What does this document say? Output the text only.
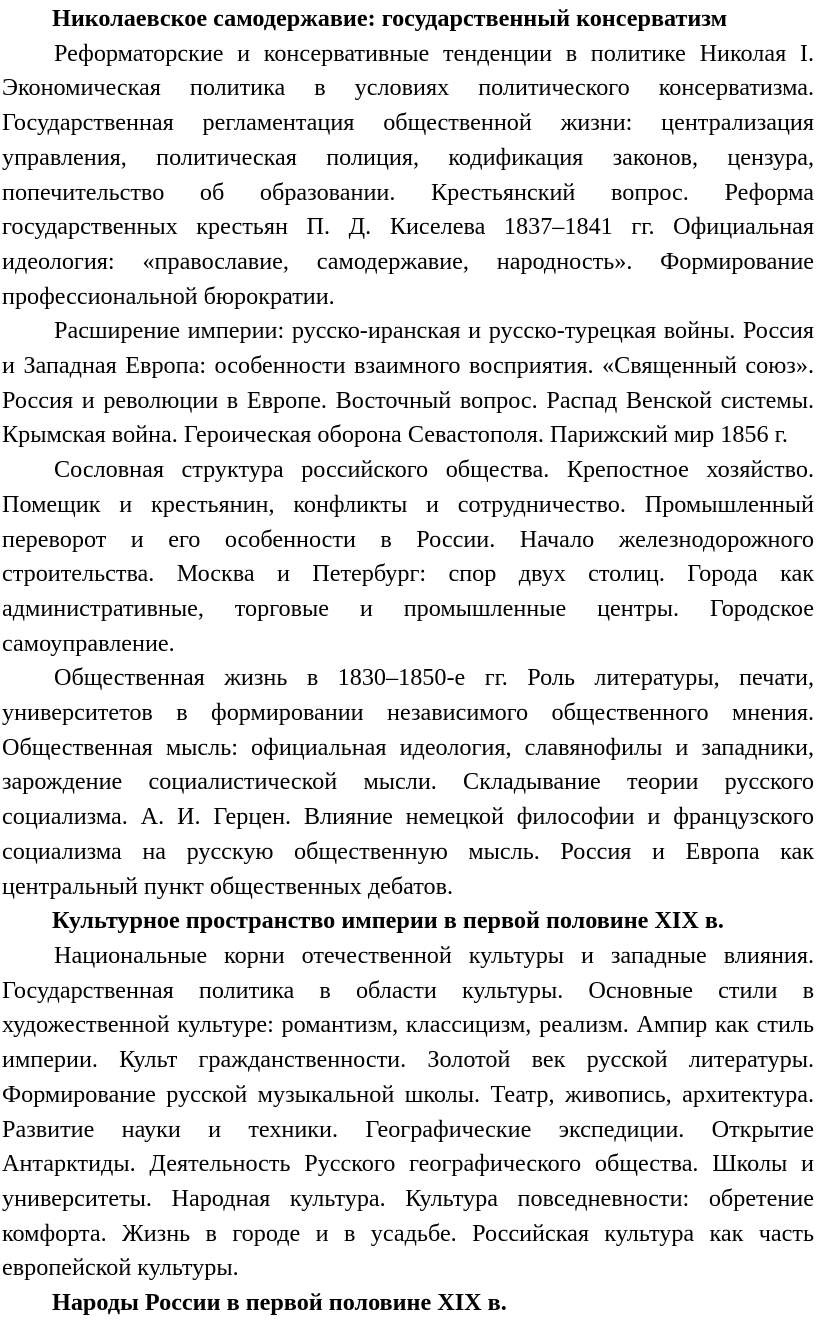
Николаевское самодержавие: государственный консерватизм

Реформаторские и консервативные тенденции в политике Николая I. Экономическая политика в условиях политического консерватизма. Государственная регламентация общественной жизни: централизация управления, политическая полиция, кодификация законов, цензура, попечительство об образовании. Крестьянский вопрос. Реформа государственных крестьян П. Д. Киселева 1837–1841 гг. Официальная идеология: «православие, самодержавие, народность». Формирование профессиональной бюрократии.

Расширение империи: русско-иранская и русско-турецкая войны. Россия и Западная Европа: особенности взаимного восприятия. «Священный союз». Россия и революции в Европе. Восточный вопрос. Распад Венской системы. Крымская война. Героическая оборона Севастополя. Парижский мир 1856 г.

Сословная структура российского общества. Крепостное хозяйство. Помещик и крестьянин, конфликты и сотрудничество. Промышленный переворот и его особенности в России. Начало железнодорожного строительства. Москва и Петербург: спор двух столиц. Города как административные, торговые и промышленные центры. Городское самоуправление.

Общественная жизнь в 1830–1850-е гг. Роль литературы, печати, университетов в формировании независимого общественного мнения. Общественная мысль: официальная идеология, славянофилы и западники, зарождение социалистической мысли. Складывание теории русского социализма. А. И. Герцен. Влияние немецкой философии и французского социализма на русскую общественную мысль. Россия и Европа как центральный пункт общественных дебатов.

Культурное пространство империи в первой половине XIX в.

Национальные корни отечественной культуры и западные влияния. Государственная политика в области культуры. Основные стили в художественной культуре: романтизм, классицизм, реализм. Ампир как стиль империи. Культ гражданственности. Золотой век русской литературы. Формирование русской музыкальной школы. Театр, живопись, архитектура. Развитие науки и техники. Географические экспедиции. Открытие Антарктиды. Деятельность Русского географического общества. Школы и университеты. Народная культура. Культура повседневности: обретение комфорта. Жизнь в городе и в усадьбе. Российская культура как часть европейской культуры.

Народы России в первой половине XIX в.
